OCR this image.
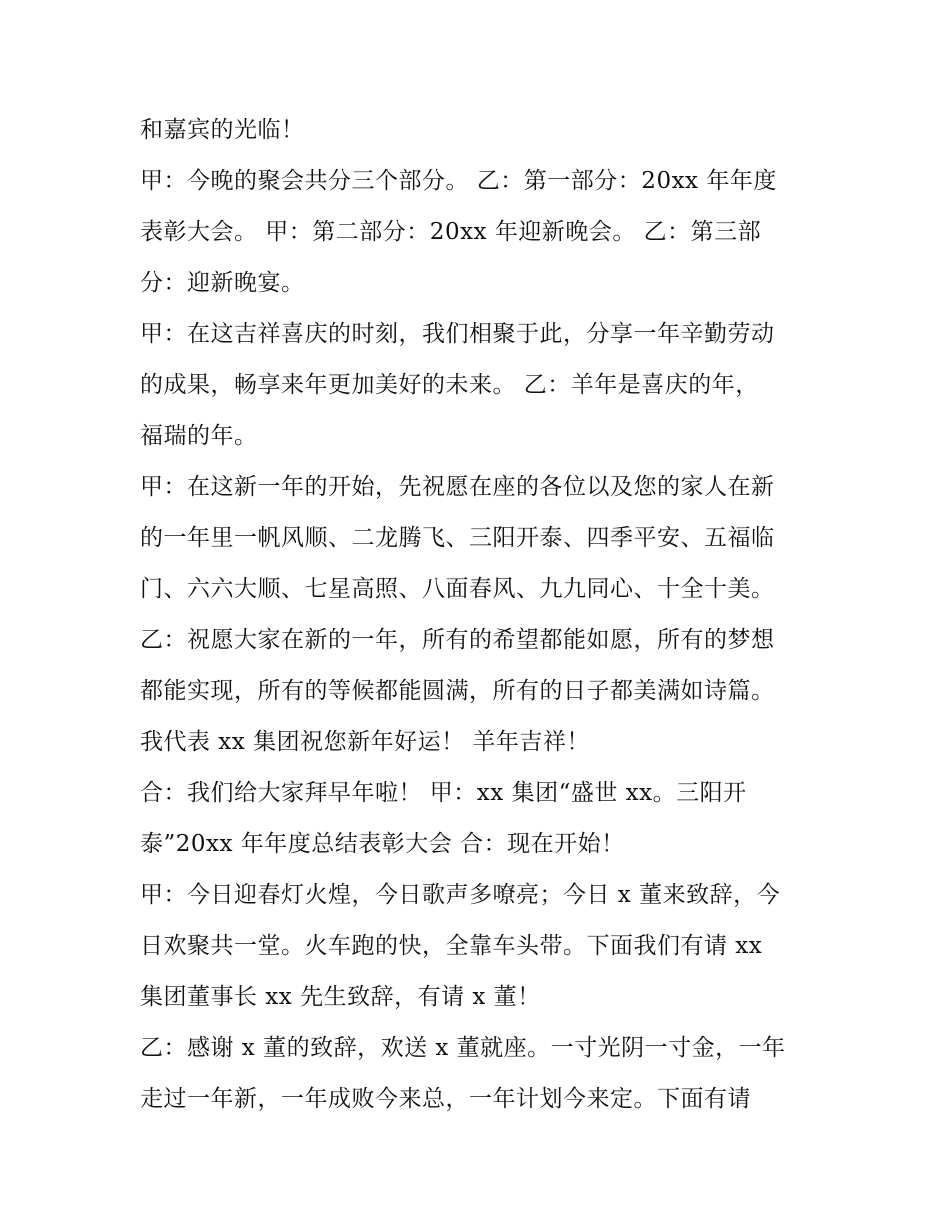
和嘉宾的光临！
甲：今晚的聚会共分三个部分。 乙：第一部分：20xx 年年度
表彰大会。 甲：第二部分：20xx 年迎新晚会。 乙：第三部
分：迎新晚宴。
甲：在这吉祥喜庆的时刻，我们相聚于此，分享一年辛勤劳动
的成果，畅享来年更加美好的未来。 乙：羊年是喜庆的年，
福瑞的年。
甲：在这新一年的开始，先祝愿在座的各位以及您的家人在新
的一年里一帆风顺、二龙腾飞、三阳开泰、四季平安、五福临
门、六六大顺、七星高照、八面春风、九九同心、十全十美。
乙：祝愿大家在新的一年，所有的希望都能如愿，所有的梦想
都能实现，所有的等候都能圆满，所有的日子都美满如诗篇。
我代表 xx 集团祝您新年好运！ 羊年吉祥！
合：我们给大家拜早年啦！ 甲：xx 集团“盛世 xx。三阳开
泰”20xx 年年度总结表彰大会 合：现在开始！
甲：今日迎春灯火煌，今日歌声多嘹亮；今日 x 董来致辞，今
日欢聚共一堂。火车跑的快，全靠车头带。下面我们有请 xx
集团董事长 xx 先生致辞，有请 x 董！
乙：感谢 x 董的致辞，欢送 x 董就座。一寸光阴一寸金，一年
走过一年新，一年成败今来总，一年计划今来定。下面有请
